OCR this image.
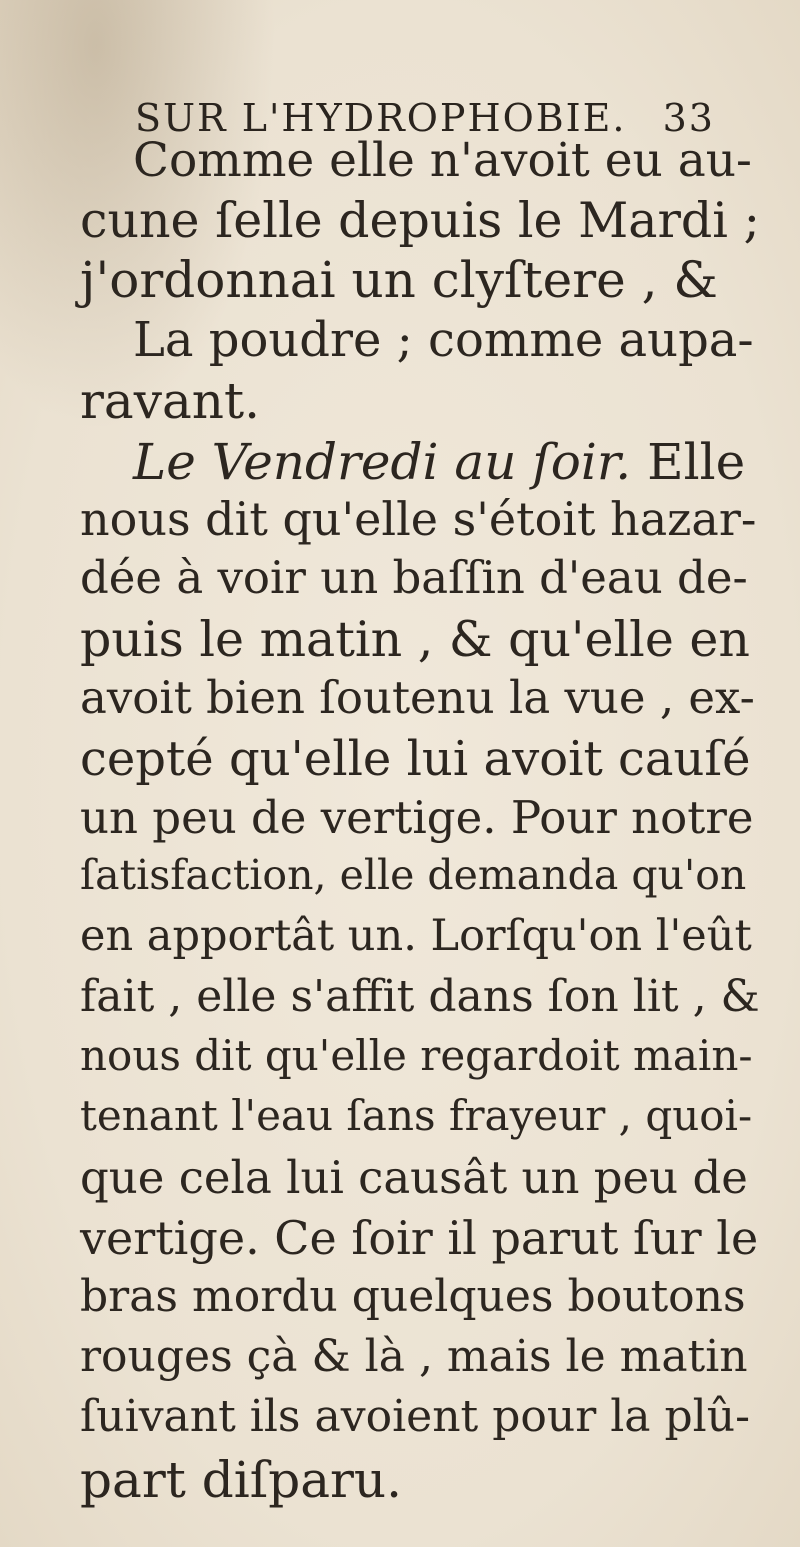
SUR L'HYDROPHOBIE. 33
Comme elle n'avoit eu au-
cune ſelle depuis le Mardi ;
j'ordonnai un clyſtere , &
La poudre ; comme aupa-
ravant.
Le Vendredi au ſoir. Elle
nous dit qu'elle s'étoit hazar-
dée à voir un baſſin d'eau de-
puis le matin , & qu'elle en
avoit bien ſoutenu la vue , ex-
cepté qu'elle lui avoit cauſé
un peu de vertige. Pour notre
ſatisfaction, elle demanda qu'on
en apportât un. Lorſqu'on l'eût
fait , elle s'affit dans ſon lit , &
nous dit qu'elle regardoit main-
tenant l'eau ſans frayeur , quoi-
que cela lui causât un peu de
vertige. Ce ſoir il parut ſur le
bras mordu quelques boutons
rouges çà & là , mais le matin
ſuivant ils avoient pour la plû-
part diſparu.
